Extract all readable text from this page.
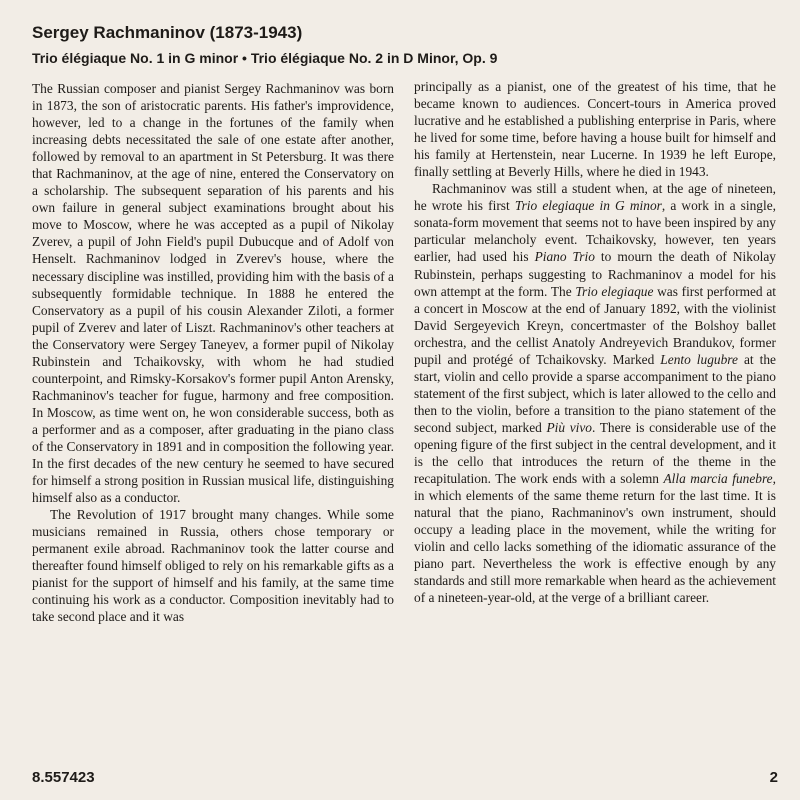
Sergey Rachmaninov (1873-1943)
Trio élégiaque No. 1 in G minor • Trio élégiaque No. 2 in D Minor, Op. 9

The Russian composer and pianist Sergey Rachmaninov was born in 1873, the son of aristocratic parents. His father's improvidence, however, led to a change in the fortunes of the family when increasing debts necessitated the sale of one estate after another, followed by removal to an apartment in St Petersburg. It was there that Rachmaninov, at the age of nine, entered the Conservatory on a scholarship. The subsequent separation of his parents and his own failure in general subject examinations brought about his move to Moscow, where he was accepted as a pupil of Nikolay Zverev, a pupil of John Field's pupil Dubucque and of Adolf von Henselt. Rachmaninov lodged in Zverev's house, where the necessary discipline was instilled, providing him with the basis of a subsequently formidable technique. In 1888 he entered the Conservatory as a pupil of his cousin Alexander Ziloti, a former pupil of Zverev and later of Liszt. Rachmaninov's other teachers at the Conservatory were Sergey Taneyev, a former pupil of Nikolay Rubinstein and Tchaikovsky, with whom he had studied counterpoint, and Rimsky-Korsakov's former pupil Anton Arensky, Rachmaninov's teacher for fugue, harmony and free composition. In Moscow, as time went on, he won considerable success, both as a performer and as a composer, after graduating in the piano class of the Conservatory in 1891 and in composition the following year. In the first decades of the new century he seemed to have secured for himself a strong position in Russian musical life, distinguishing himself also as a conductor.

The Revolution of 1917 brought many changes. While some musicians remained in Russia, others chose temporary or permanent exile abroad. Rachmaninov took the latter course and thereafter found himself obliged to rely on his remarkable gifts as a pianist for the support of himself and his family, at the same time continuing his work as a conductor. Composition inevitably had to take second place and it was

principally as a pianist, one of the greatest of his time, that he became known to audiences. Concert-tours in America proved lucrative and he established a publishing enterprise in Paris, where he lived for some time, before having a house built for himself and his family at Hertenstein, near Lucerne. In 1939 he left Europe, finally settling at Beverly Hills, where he died in 1943.

Rachmaninov was still a student when, at the age of nineteen, he wrote his first Trio elegiaque in G minor, a work in a single, sonata-form movement that seems not to have been inspired by any particular melancholy event. Tchaikovsky, however, ten years earlier, had used his Piano Trio to mourn the death of Nikolay Rubinstein, perhaps suggesting to Rachmaninov a model for his own attempt at the form. The Trio elegiaque was first performed at a concert in Moscow at the end of January 1892, with the violinist David Sergeyevich Kreyn, concertmaster of the Bolshoy ballet orchestra, and the cellist Anatoly Andreyevich Brandukov, former pupil and protégé of Tchaikovsky. Marked Lento lugubre at the start, violin and cello provide a sparse accompaniment to the piano statement of the first subject, which is later allowed to the cello and then to the violin, before a transition to the piano statement of the second subject, marked Più vivo. There is considerable use of the opening figure of the first subject in the central development, and it is the cello that introduces the return of the theme in the recapitulation. The work ends with a solemn Alla marcia funebre, in which elements of the same theme return for the last time. It is natural that the piano, Rachmaninov's own instrument, should occupy a leading place in the movement, while the writing for violin and cello lacks something of the idiomatic assurance of the piano part. Nevertheless the work is effective enough by any standards and still more remarkable when heard as the achievement of a nineteen-year-old, at the verge of a brilliant career.

8.557423	2
